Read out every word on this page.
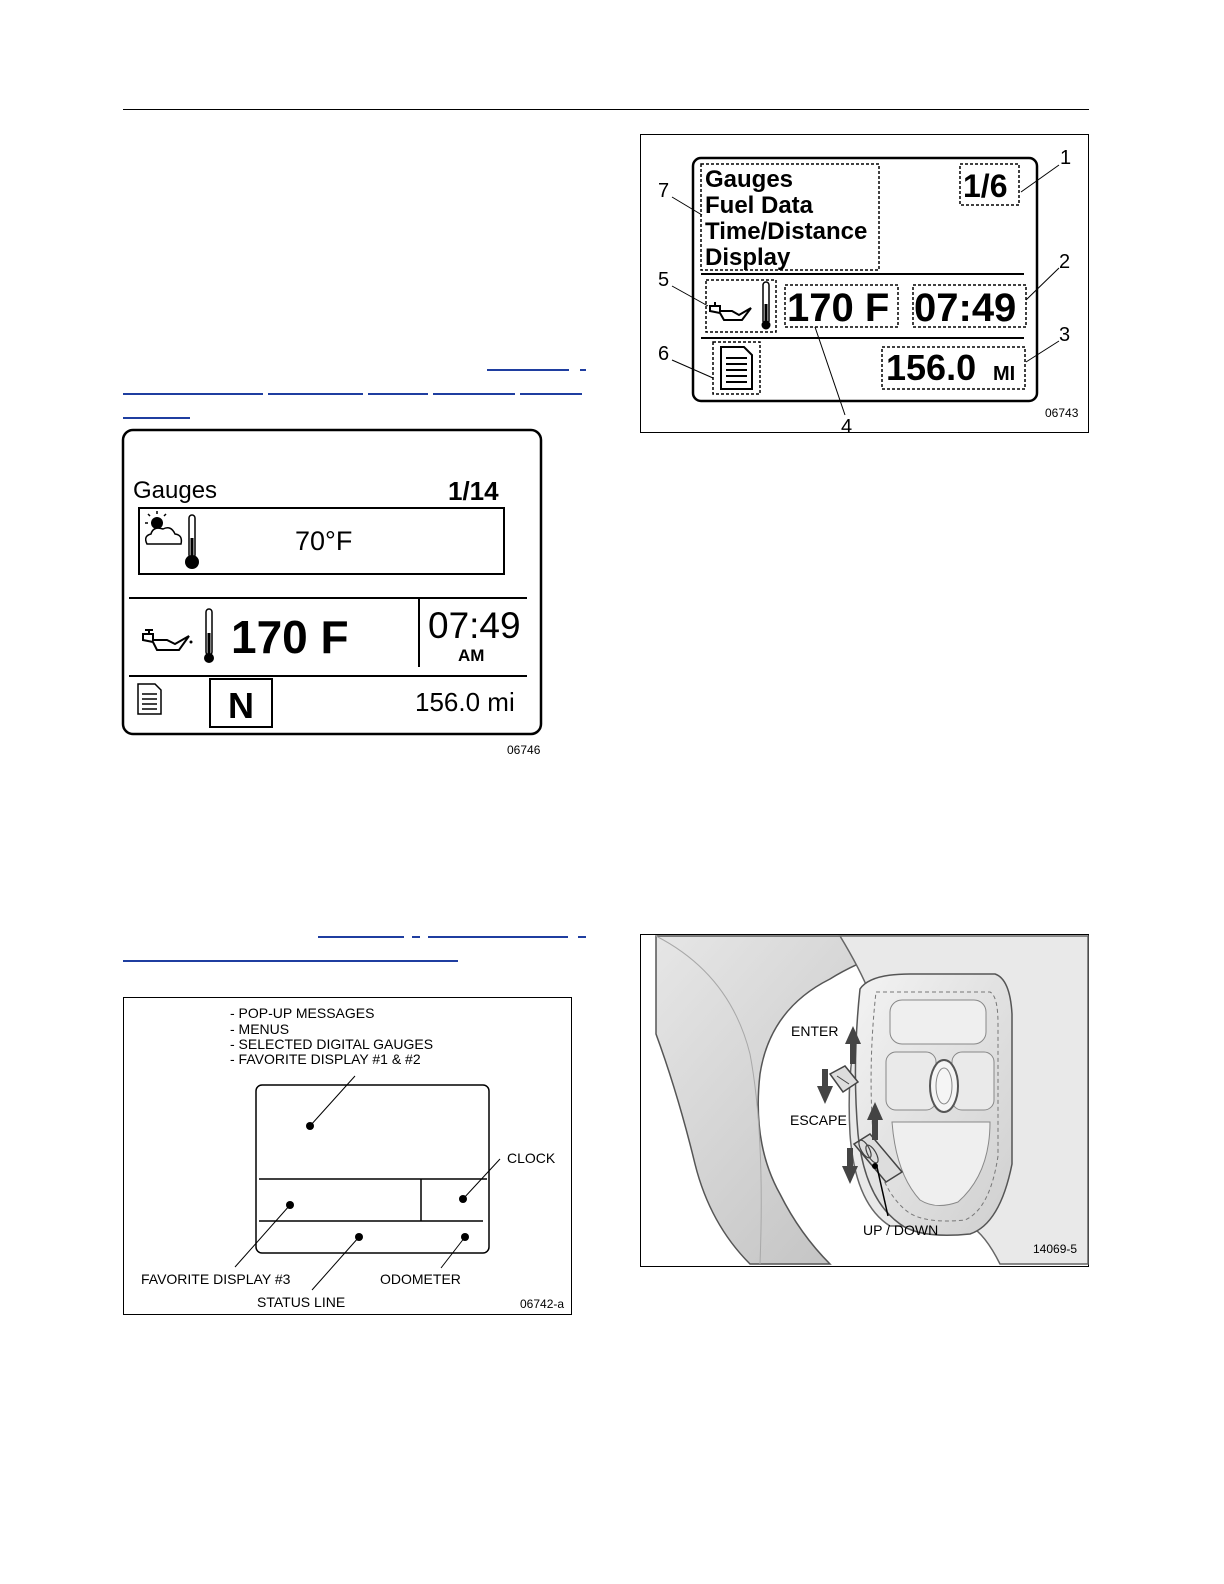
Gauges	1/14
70°F
170 F 07:49
AM
N	156.0 mi
06746
- POP-UP MESSAGES
- MENUS
- SELECTED DIGITAL GAUGES
- FAVORITE DISPLAY #1 & #2
CLOCK
FAVORITE DISPLAY #3	ODOMETER
STATUS LINE	06742-a
Gauges
Fuel Data
Time/Distance
Display
1/6
170 F 07:49
156.0 MI
1
2
3
4
5
6
7
06743
ENTER
ESCAPE
UP / DOWN
14069-5
